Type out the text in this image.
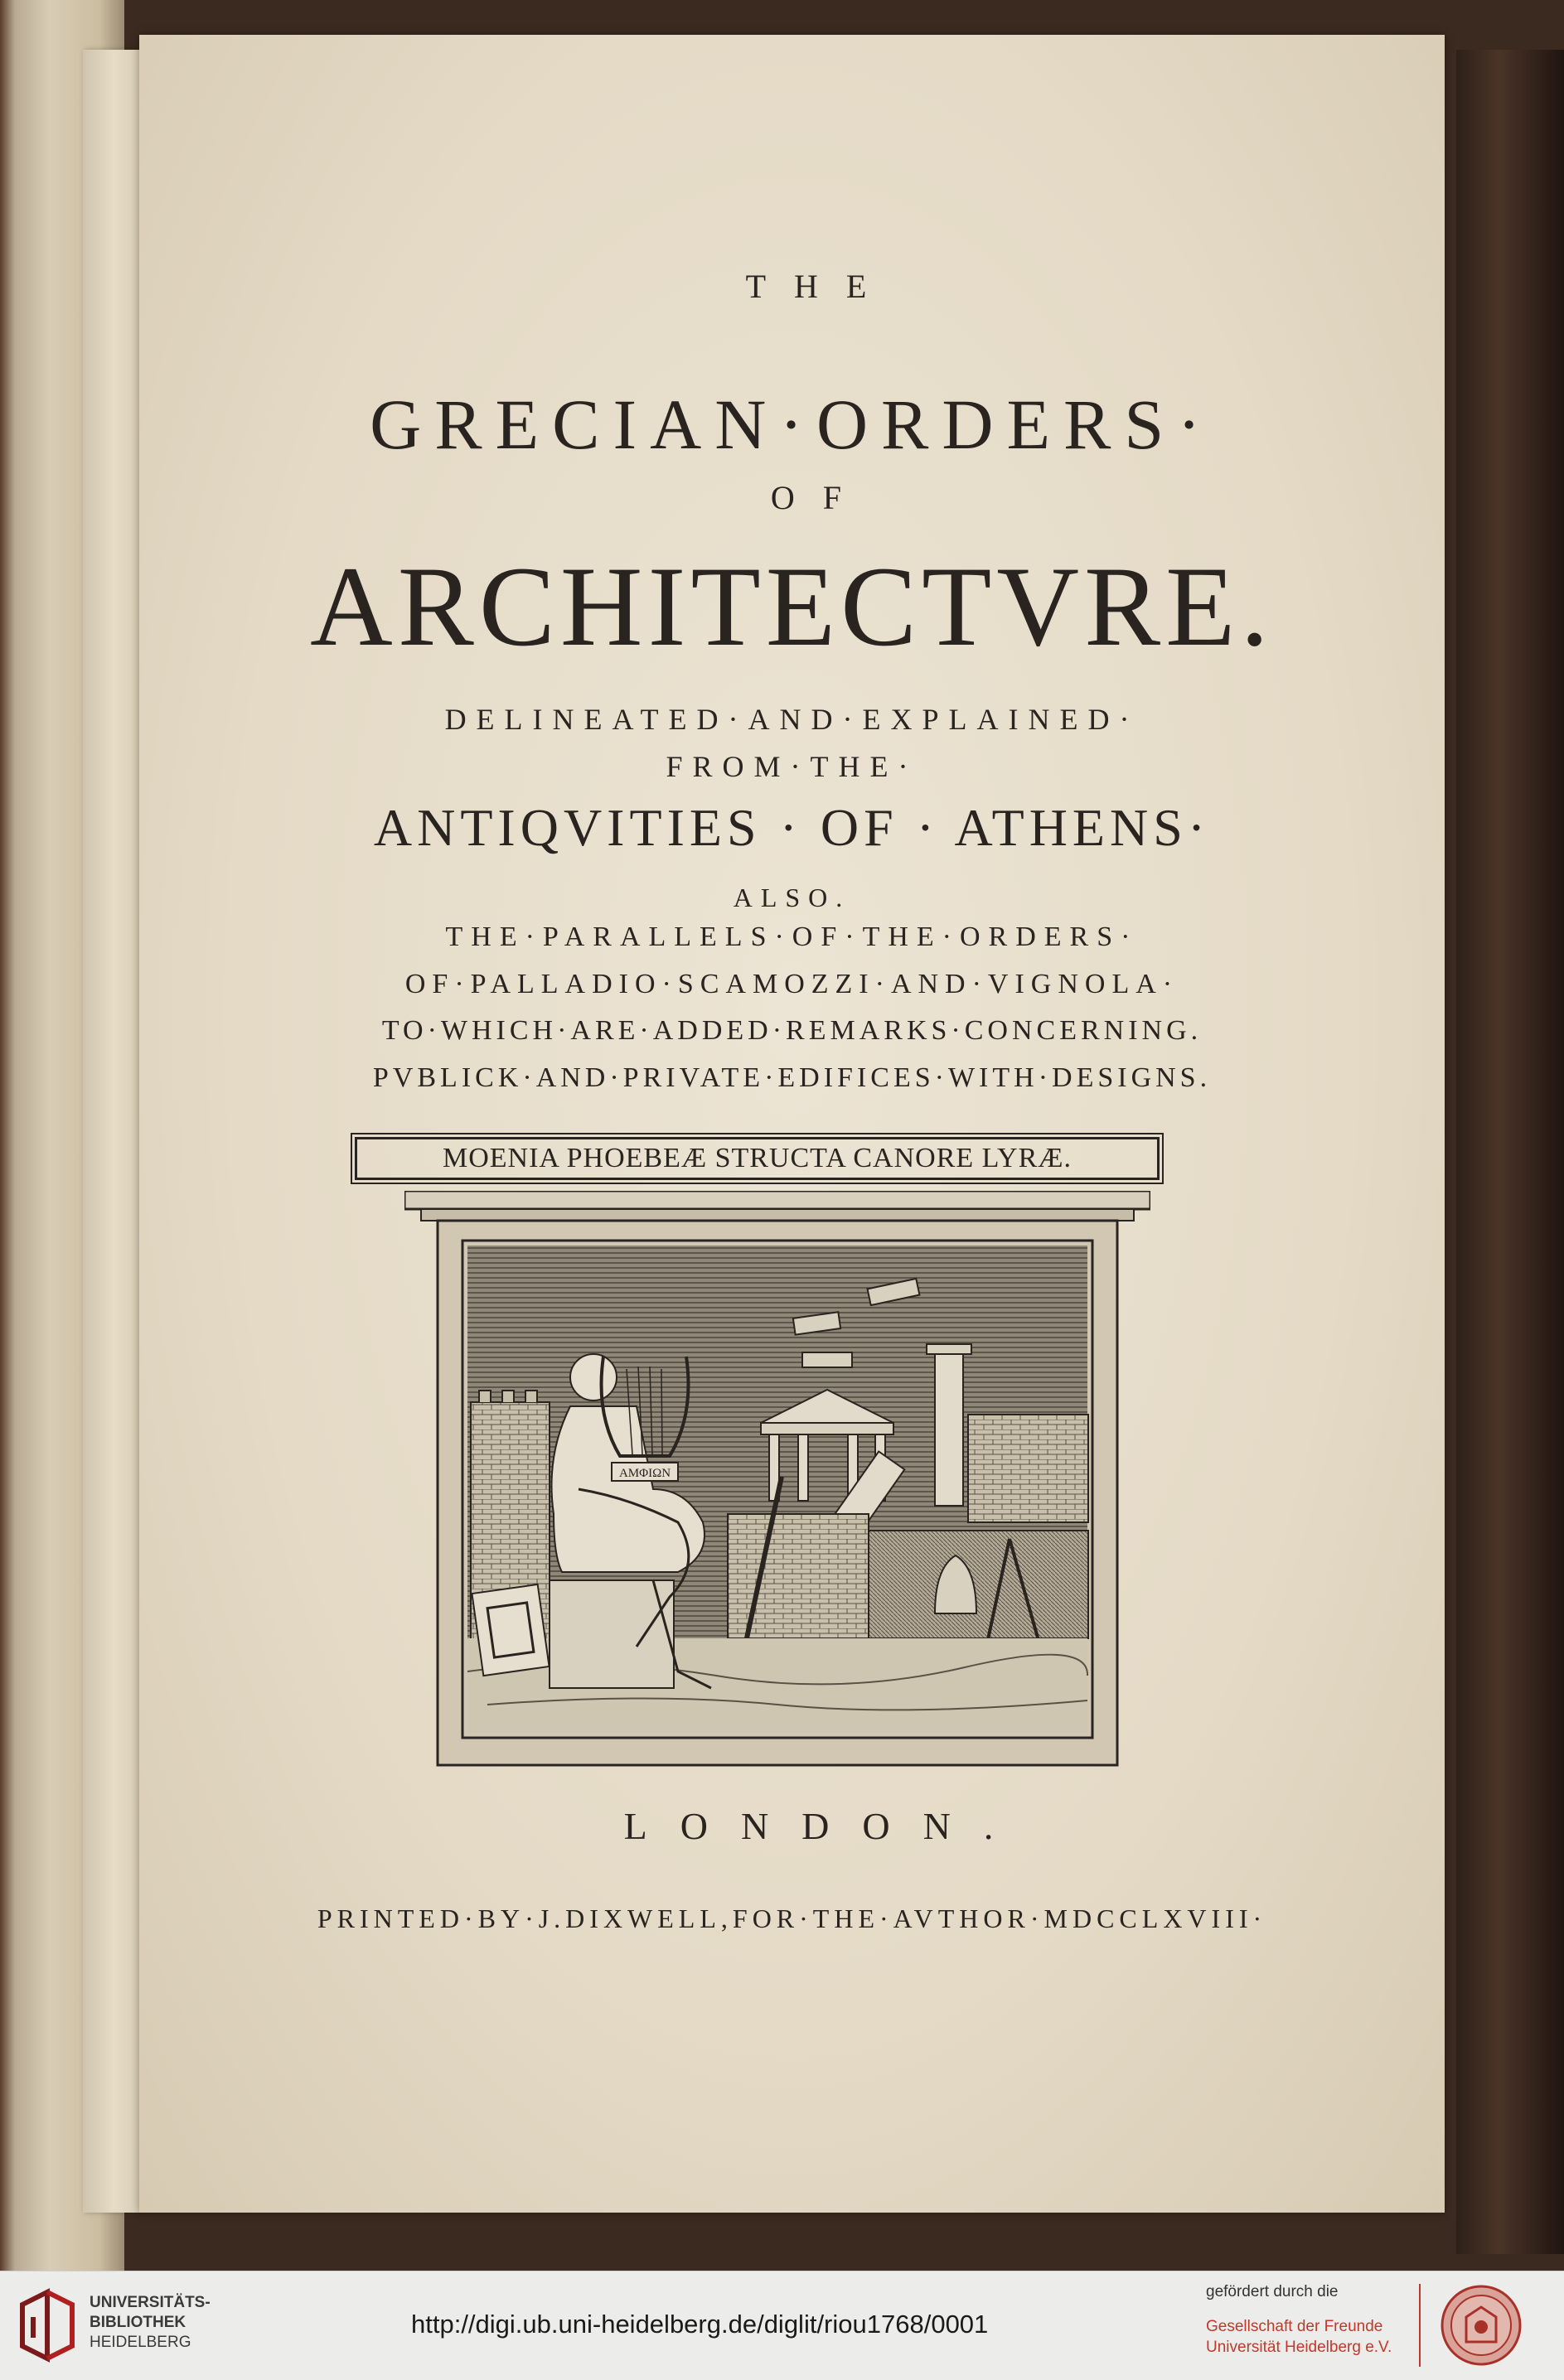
THE
GRECIAN·ORDERS·
OF
ARCHITECTVRE.
DELINEATED·AND·EXPLAINED·
FROM·THE·
ANTIQVITIES · OF · ATHENS·
ALSO.
THE·PARALLELS·OF·THE·ORDERS·
OF·PALLADIO·SCAMOZZI·AND·VIGNOLA·
TO·WHICH·ARE·ADDED·REMARKS·CONCERNING.
PVBLICK·AND·PRIVATE·EDIFICES·WITH·DESIGNS.
MOENIA PHOEBEÆ STRUCTA CANORE LYRÆ.
AMΦIΩN
LONDON.
PRINTED·BY·J.DIXWELL,FOR·THE·AVTHOR·MDCCLXVIII·
UNIVERSITÄTS-
BIBLIOTHEK
HEIDELBERG
http://digi.ub.uni-heidelberg.de/diglit/riou1768/0001
gefördert durch die
Gesellschaft der Freunde
Universität Heidelberg e.V.
